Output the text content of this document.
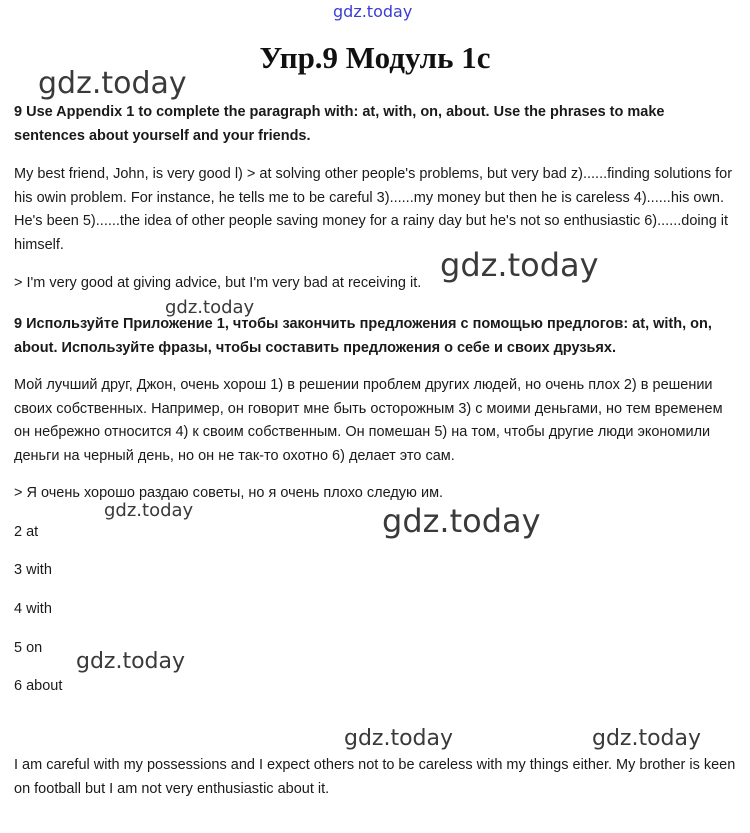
gdz.today
gdz.today
gdz.today
gdz.today
gdz.today	gdz.today
gdz.today
gdz.today	gdz.today
Упр.9 Модуль 1с
9 Use Appendix 1 to complete the paragraph with: at, with, on, about. Use the phrases to make sentences about yourself and your friends.
My best friend, John, is very good l) > at solving other people's problems, but very bad z)......finding solutions for his owin problem. For instance, he tells me to be careful 3)......my money but then he is careless 4)......his own. He's been 5)......the idea of other people saving money for a rainy day but he's not so enthusiastic 6)......doing it himself.
> I'm very good at giving advice, but I'm very bad at receiving it.
9 Используйте Приложение 1, чтобы закончить предложения с помощью предлогов: at, with, on, about. Используйте фразы, чтобы составить предложения о себе и своих друзьях.
Мой лучший друг, Джон, очень хорош 1) в решении проблем других людей, но очень плох 2) в решении своих собственных. Например, он говорит мне быть осторожным 3) с моими деньгами, но тем временем он небрежно относится 4) к своим собственным. Он помешан 5) на том, чтобы другие люди экономили деньги на черный день, но он не так-то охотно 6) делает это сам.
> Я очень хорошо раздаю советы, но я очень плохо следую им.
2 at
3 with
4 with
5 on
6 about
I am careful with my possessions and I expect others not to be careless with my things either. My brother is keen on football but I am not very enthusiastic about it.
